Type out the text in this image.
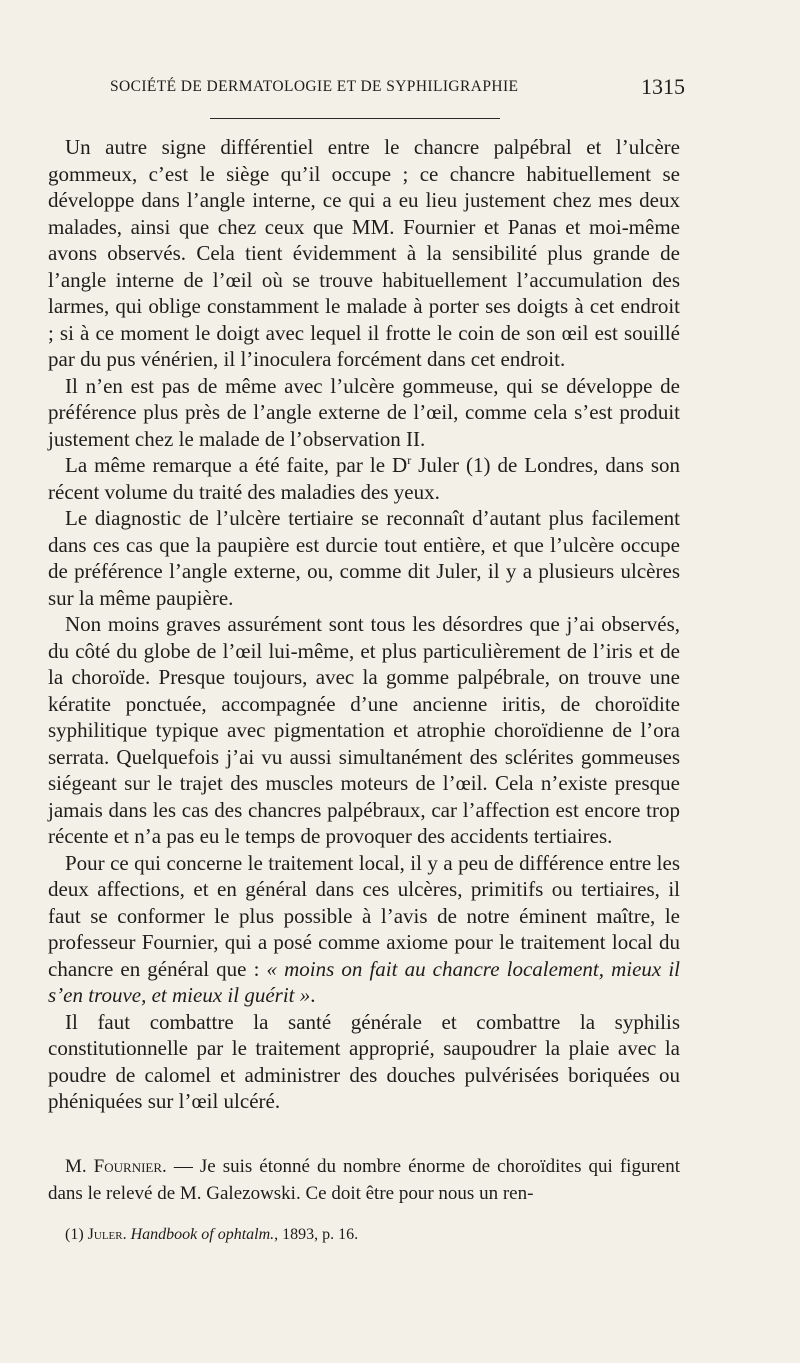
SOCIÉTÉ DE DERMATOLOGIE ET DE SYPHILIGRAPHIE	1315

Un autre signe différentiel entre le chancre palpébral et l’ulcère gommeux, c’est le siège qu’il occupe ; ce chancre habituellement se développe dans l’angle interne, ce qui a eu lieu justement chez mes deux malades, ainsi que chez ceux que MM. Fournier et Panas et moi-même avons observés. Cela tient évidemment à la sensibilité plus grande de l’angle interne de l’œil où se trouve habituellement l’accumulation des larmes, qui oblige constamment le malade à porter ses doigts à cet endroit ; si à ce moment le doigt avec lequel il frotte le coin de son œil est souillé par du pus vénérien, il l’inoculera forcément dans cet endroit.

Il n’en est pas de même avec l’ulcère gommeuse, qui se développe de préférence plus près de l’angle externe de l’œil, comme cela s’est produit justement chez le malade de l’observation II.

La même remarque a été faite, par le $D^r$ Juler (1) de Londres, dans son récent volume du traité des maladies des yeux.

Le diagnostic de l’ulcère tertiaire se reconnaît d’autant plus facilement dans ces cas que la paupière est durcie tout entière, et que l’ulcère occupe de préférence l’angle externe, ou, comme dit Juler, il y a plusieurs ulcères sur la même paupière.

Non moins graves assurément sont tous les désordres que j’ai observés, du côté du globe de l’œil lui-même, et plus particulièrement de l’iris et de la choroïde. Presque toujours, avec la gomme palpébrale, on trouve une kératite ponctuée, accompagnée d’une ancienne iritis, de choroïdite syphilitique typique avec pigmentation et atrophie choroïdienne de l’ora serrata. Quelquefois j’ai vu aussi simultanément des sclérites gommeuses siégeant sur le trajet des muscles moteurs de l’œil. Cela n’existe presque jamais dans les cas des chancres palpébraux, car l’affection est encore trop récente et n’a pas eu le temps de provoquer des accidents tertiaires.

Pour ce qui concerne le traitement local, il y a peu de différence entre les deux affections, et en général dans ces ulcères, primitifs ou tertiaires, il faut se conformer le plus possible à l’avis de notre éminent maître, le professeur Fournier, qui a posé comme axiome pour le traitement local du chancre en général que : « moins on fait au chancre localement, mieux il s’en trouve, et mieux il guérit ».

Il faut combattre la santé générale et combattre la syphilis constitutionnelle par le traitement approprié, saupoudrer la plaie avec la poudre de calomel et administrer des douches pulvérisées boriquées ou phéniquées sur l’œil ulcéré.

M. Fournier. — Je suis étonné du nombre énorme de choroïdites qui figurent dans le relevé de M. Galezowski. Ce doit être pour nous un ren-

(1) Juler. Handbook of ophtalm., 1893, p. 16.
